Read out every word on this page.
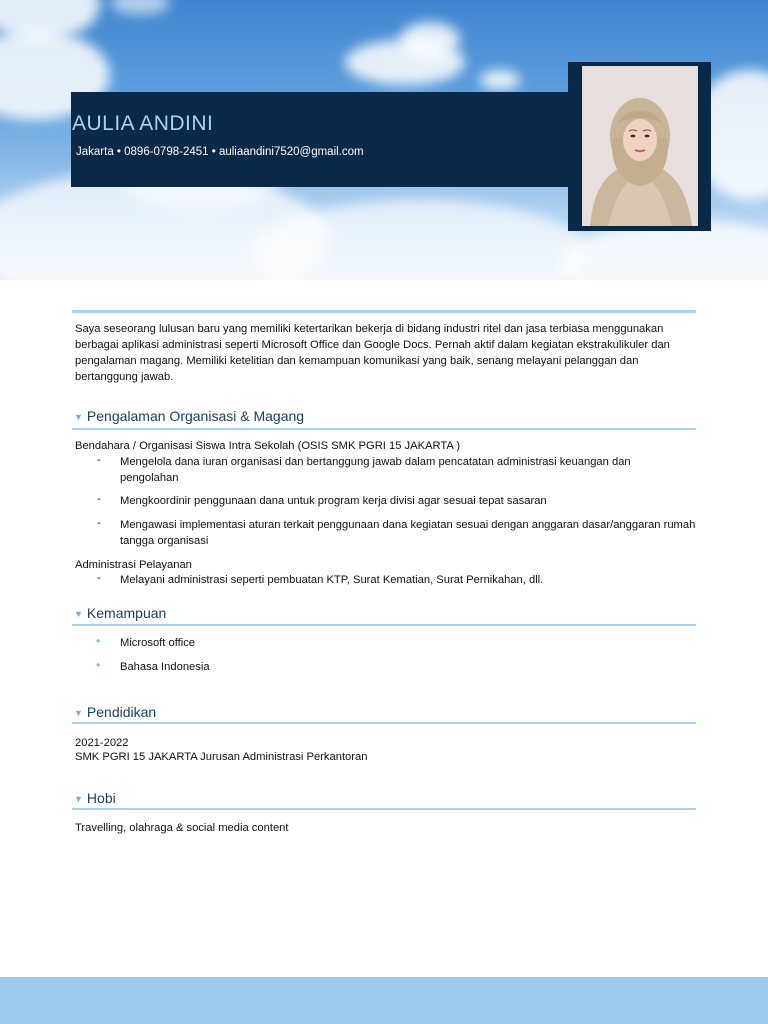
AULIA ANDINI
Jakarta • 0896-0798-2451 • auliaandini7520@gmail.com
Saya seseorang lulusan baru yang memiliki ketertarikan bekerja di bidang industri ritel dan jasa terbiasa menggunakan berbagai aplikasi administrasi seperti Microsoft Office dan Google Docs. Pernah aktif dalam kegiatan ekstrakulikuler dan pengalaman magang. Memiliki ketelitian dan kemampuan komunikasi yang baik, senang melayani pelanggan dan bertanggung jawab.
▼ Pengalaman Organisasi & Magang
Bendahara / Organisasi Siswa Intra Sekolah (OSIS SMK PGRI 15 JAKARTA )
- Mengelola dana iuran organisasi dan bertanggung jawab dalam pencatatan administrasi keuangan dan pengolahan
- Mengkoordinir penggunaan dana untuk program kerja divisi agar sesuai tepat sasaran
- Mengawasi implementasi aturan terkait penggunaan dana kegiatan sesuai dengan anggaran dasar/anggaran rumah tangga organisasi
Administrasi Pelayanan
- Melayani administrasi seperti pembuatan KTP, Surat Kematian, Surat Pernikahan, dll.
▼ Kemampuan
• Microsoft office
• Bahasa Indonesia
▼ Pendidikan
2021-2022
SMK PGRI 15 JAKARTA Jurusan Administrasi Perkantoran
▼ Hobi
Travelling, olahraga & social media content
